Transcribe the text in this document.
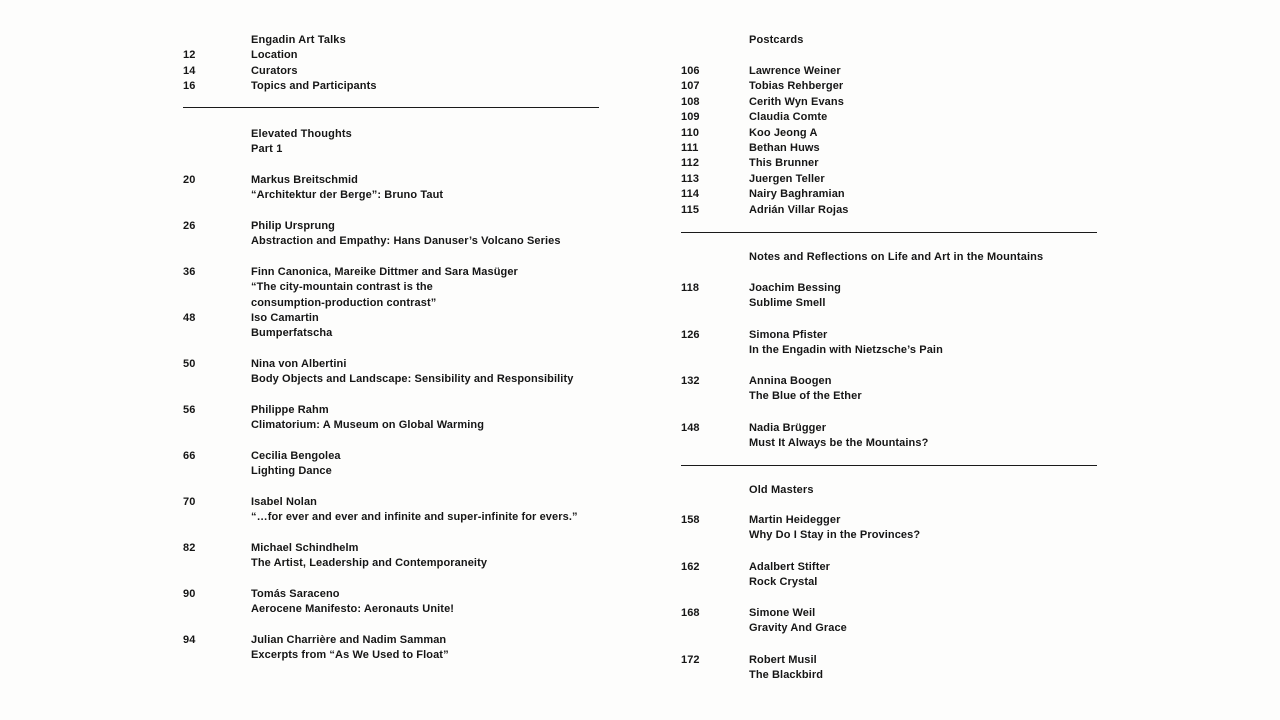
Engadin Art Talks
12	Location
14	Curators
16	Topics and Participants
Elevated Thoughts
Part 1
20	Markus Breitschmid
“Architektur der Berge”: Bruno Taut
26	Philip Ursprung
Abstraction and Empathy: Hans Danuser’s Volcano Series
36	Finn Canonica, Mareike Dittmer and Sara Masüger
“The city-mountain contrast is the
consumption-production contrast”
48	Iso Camartin
Bumperfatscha
50	Nina von Albertini
Body Objects and Landscape: Sensibility and Responsibility
56	Philippe Rahm
Climatorium: A Museum on Global Warming
66	Cecilia Bengolea
Lighting Dance
70	Isabel Nolan
“…for ever and ever and infinite and super-infinite for evers.”
82	Michael Schindhelm
The Artist, Leadership and Contemporaneity
90	Tomás Saraceno
Aerocene Manifesto: Aeronauts Unite!
94	Julian Charrière and Nadim Samman
Excerpts from “As We Used to Float”
Postcards
106	Lawrence Weiner
107	Tobias Rehberger
108	Cerith Wyn Evans
109	Claudia Comte
110	Koo Jeong A
111	Bethan Huws
112	This Brunner
113	Juergen Teller
114	Nairy Baghramian
115	Adrián Villar Rojas
Notes and Reflections on Life and Art in the Mountains
118	Joachim Bessing
Sublime Smell
126	Simona Pfister
In the Engadin with Nietzsche’s Pain
132	Annina Boogen
The Blue of the Ether
148	Nadia Brügger
Must It Always be the Mountains?
Old Masters
158	Martin Heidegger
Why Do I Stay in the Provinces?
162	Adalbert Stifter
Rock Crystal
168	Simone Weil
Gravity And Grace
172	Robert Musil
The Blackbird
